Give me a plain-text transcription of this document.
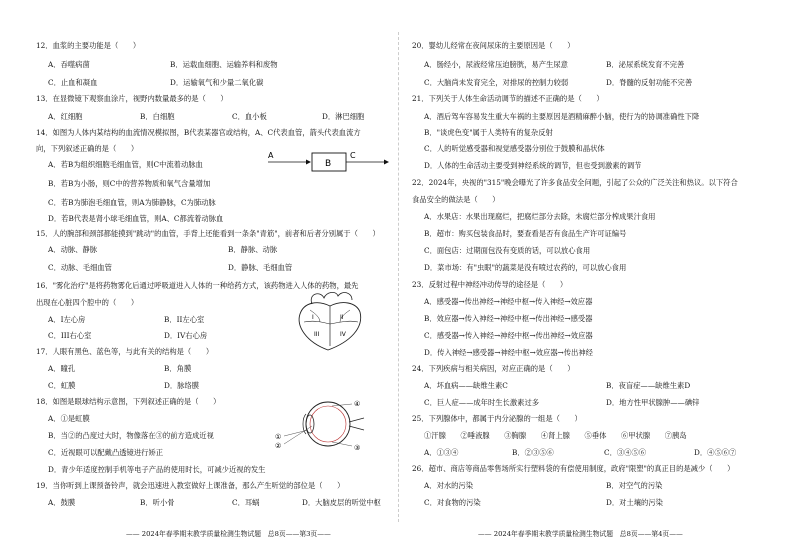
12．血浆的主要功能是（　　）
A．吞噬病菌	B．运载血细胞、运输养料和废物
C．止血和凝血	D．运输氧气和少量二氧化碳
13．在显微镜下观察血涂片，视野内数量最多的是（　　）
A．红细胞	B．白细胞	C．血小板	D．淋巴细胞
14．如图为人体内某结构的血流情况模拟图，B代表某器官或结构，A、C代表血管，箭头代表血流方
向，下列叙述正确的是（　　）
A．若B为组织细胞毛细血管，则C中流着动脉血
B．若B为小肠，则C中的营养物质和氧气含量增加
C．若B为肺泡毛细血管，则A为肺静脉，C为肺动脉
D．若B代表是肾小球毛细血管，则A、C都流着动脉血
A
B
C
15．人的腕部和颈部都能摸到"跳动"的血管，手背上还能看到一条条"青筋"，前者和后者分别属于（　　）
A．动脉、静脉	B．静脉、动脉
C．动脉、毛细血管	D．静脉、毛细血管
16．"雾化治疗"是将药物雾化后通过呼吸道进入人体的一种给药方式，该药物进入人体的药物，最先
出现在心脏四个腔中的（　　）
A．I左心房	B．II左心室
C．III右心室	D．IV右心房
I	II
III	IV
17．人眼有黑色、蓝色等，与此有关的结构是（　　）
A．瞳孔	B．角膜
C．虹膜	D．脉络膜
18．如图是眼球结构示意图，下列叙述正确的是（　　）
A．①是虹膜
B．当②的凸度过大时，物像落在③的前方造成近视
C．近视眼可以配戴凸透镜进行矫正
D．青少年适度控制手机等电子产品的使用时长，可减少近视的发生
①
②
④
③
19．当你听到上课预备铃声，就会迅速进入教室做好上课准备，那么产生听觉的部位是（　　）
A．鼓膜	B．听小骨	C．耳蜗	D．大脑皮层的听觉中枢
—— 2024年春季期末教学质量检测生物试题　总8页——第3页——
20．婴幼儿经常在夜间尿床的主要原因是（　　）
A．肠经小，尿液经常压迫膀胱，易产生尿意	B．泌尿系统发育不完善
C．大脑尚未发育完全，对排尿的控制力较弱	D．脊髓的反射功能不完善
21．下列关于人体生命活动调节的描述不正确的是（　　）
A．酒后驾车容易发生重大车祸的主要原因是酒精麻醉小脑，使行为的协调准确性下降
B．"谈虎色变"属于人类特有的复杂反射
C．人的听觉感受器和视觉感受器分别位于鼓膜和晶状体
D．人体的生命活动主要受到神经系统的调节，但也受到激素的调节
22．2024年，央视的"315"晚会曝光了许多食品安全问题，引起了公众的广泛关注和热议。以下符合
食品安全的做法是（　　）
A．水果店：水果出现腐烂，把腐烂部分去除，未腐烂部分榨成果汁食用
B．超市：购买包装食品时，要查看是否有食品生产许可证编号
C．面包店：过期面包没有变质的话，可以放心食用
D．菜市场：有"虫眼"的蔬菜是没有喷过农药的，可以放心食用
23．反射过程中神经冲动传导的途径是（　　）
A．感受器→传出神经→神经中枢→传入神经→效应器
B．效应器→传入神经→神经中枢→传出神经→感受器
C．感受器→传入神经→神经中枢→传出神经→效应器
D．传入神经→感受器→神经中枢→效应器→传出神经
24．下列疾病与相关病因，对应正确的是（　　）
A．坏血病——缺维生素C	B．夜盲症——缺维生素D
C．巨人症——成年时生长激素过多	D．地方性甲状腺肿——碘锌
25．下列腺体中，都属于内分泌腺的一组是（　　）
①汗腺　　②唾液腺　　③胸腺　　④肾上腺　　⑤垂体　　⑥甲状腺　　⑦胰岛
A．①③④	B．②③⑤⑥	C．③④⑤⑥	D．④⑤⑥⑦
26．超市、商店等商品零售场所实行塑料袋的有偿使用制度，政府"限塑"的真正目的是减少（　　）
A．对水的污染	B．对空气的污染
C．对食物的污染	D．对土壤的污染
—— 2024年春季期末教学质量检测生物试题　总8页——第4页——
